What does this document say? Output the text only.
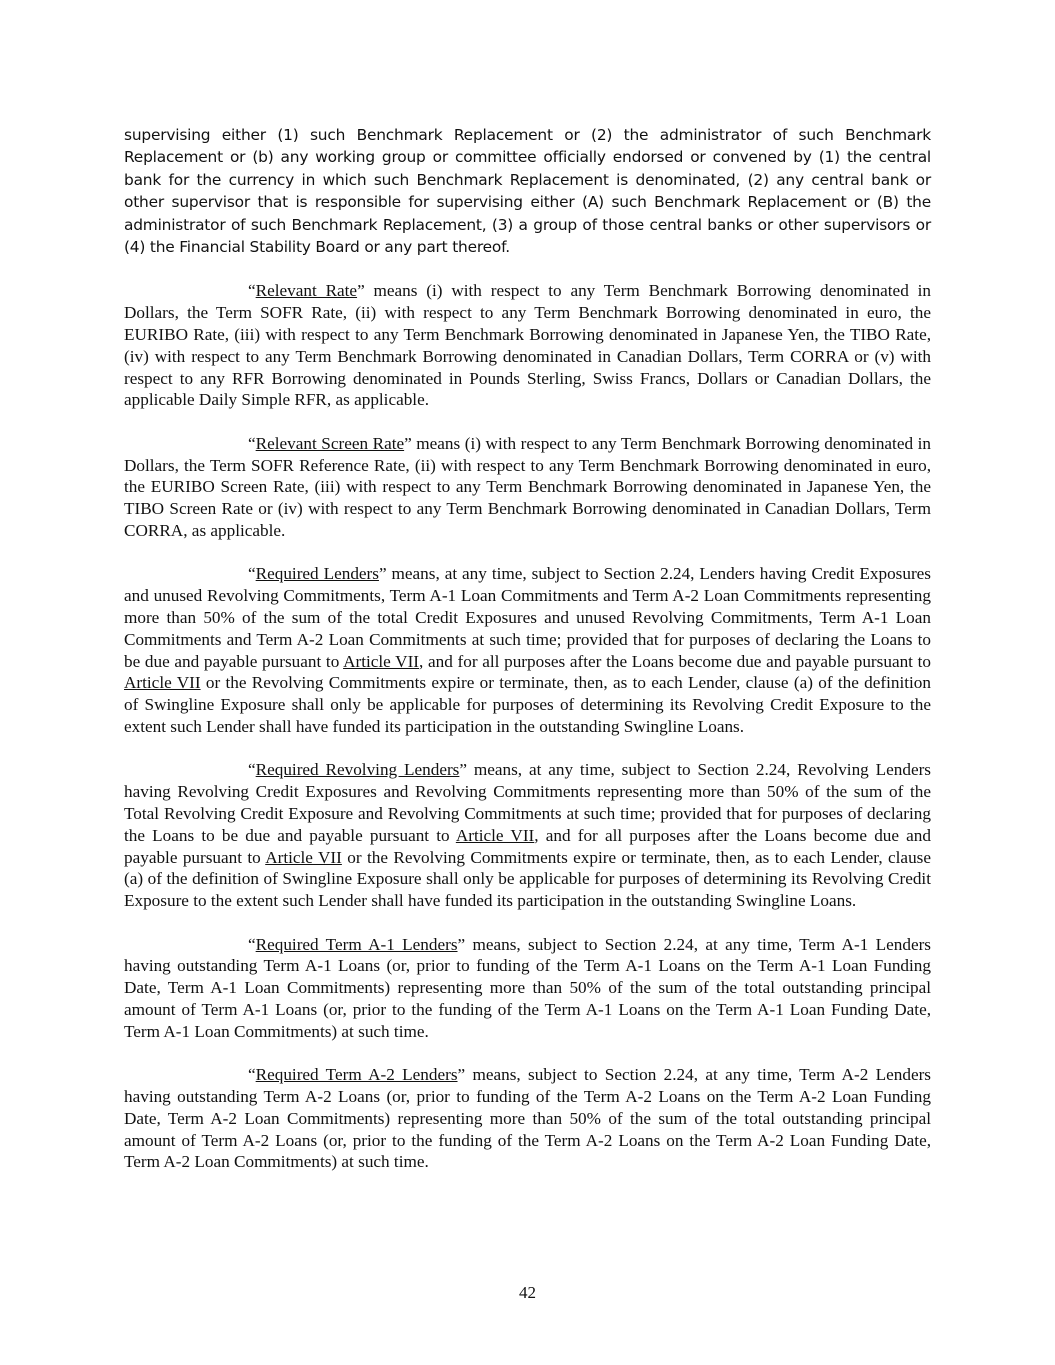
supervising either (1) such Benchmark Replacement or (2) the administrator of such Benchmark Replacement or (b) any working group or committee officially endorsed or convened by (1) the central bank for the currency in which such Benchmark Replacement is denominated, (2) any central bank or other supervisor that is responsible for supervising either (A) such Benchmark Replacement or (B) the administrator of such Benchmark Replacement, (3) a group of those central banks or other supervisors or (4) the Financial Stability Board or any part thereof.

“Relevant Rate” means (i) with respect to any Term Benchmark Borrowing denominated in Dollars, the Term SOFR Rate, (ii) with respect to any Term Benchmark Borrowing denominated in euro, the EURIBO Rate, (iii) with respect to any Term Benchmark Borrowing denominated in Japanese Yen, the TIBO Rate, (iv) with respect to any Term Benchmark Borrowing denominated in Canadian Dollars, Term CORRA or (v) with respect to any RFR Borrowing denominated in Pounds Sterling, Swiss Francs, Dollars or Canadian Dollars, the applicable Daily Simple RFR, as applicable.

“Relevant Screen Rate” means (i) with respect to any Term Benchmark Borrowing denominated in Dollars, the Term SOFR Reference Rate, (ii) with respect to any Term Benchmark Borrowing denominated in euro, the EURIBO Screen Rate, (iii) with respect to any Term Benchmark Borrowing denominated in Japanese Yen, the TIBO Screen Rate or (iv) with respect to any Term Benchmark Borrowing denominated in Canadian Dollars, Term CORRA, as applicable.

“Required Lenders” means, at any time, subject to Section 2.24, Lenders having Credit Exposures and unused Revolving Commitments, Term A-1 Loan Commitments and Term A-2 Loan Commitments representing more than 50% of the sum of the total Credit Exposures and unused Revolving Commitments, Term A-1 Loan Commitments and Term A-2 Loan Commitments at such time; provided that for purposes of declaring the Loans to be due and payable pursuant to Article VII, and for all purposes after the Loans become due and payable pursuant to Article VII or the Revolving Commitments expire or terminate, then, as to each Lender, clause (a) of the definition of Swingline Exposure shall only be applicable for purposes of determining its Revolving Credit Exposure to the extent such Lender shall have funded its participation in the outstanding Swingline Loans.

“Required Revolving Lenders” means, at any time, subject to Section 2.24, Revolving Lenders having Revolving Credit Exposures and Revolving Commitments representing more than 50% of the sum of the Total Revolving Credit Exposure and Revolving Commitments at such time; provided that for purposes of declaring the Loans to be due and payable pursuant to Article VII, and for all purposes after the Loans become due and payable pursuant to Article VII or the Revolving Commitments expire or terminate, then, as to each Lender, clause (a) of the definition of Swingline Exposure shall only be applicable for purposes of determining its Revolving Credit Exposure to the extent such Lender shall have funded its participation in the outstanding Swingline Loans.

“Required Term A-1 Lenders” means, subject to Section 2.24, at any time, Term A-1 Lenders having outstanding Term A-1 Loans (or, prior to funding of the Term A-1 Loans on the Term A-1 Loan Funding Date, Term A-1 Loan Commitments) representing more than 50% of the sum of the total outstanding principal amount of Term A-1 Loans (or, prior to the funding of the Term A-1 Loans on the Term A-1 Loan Funding Date, Term A-1 Loan Commitments) at such time.

“Required Term A-2 Lenders” means, subject to Section 2.24, at any time, Term A-2 Lenders having outstanding Term A-2 Loans (or, prior to funding of the Term A-2 Loans on the Term A-2 Loan Funding Date, Term A-2 Loan Commitments) representing more than 50% of the sum of the total outstanding principal amount of Term A-2 Loans (or, prior to the funding of the Term A-2 Loans on the Term A-2 Loan Funding Date, Term A-2 Loan Commitments) at such time.

42
